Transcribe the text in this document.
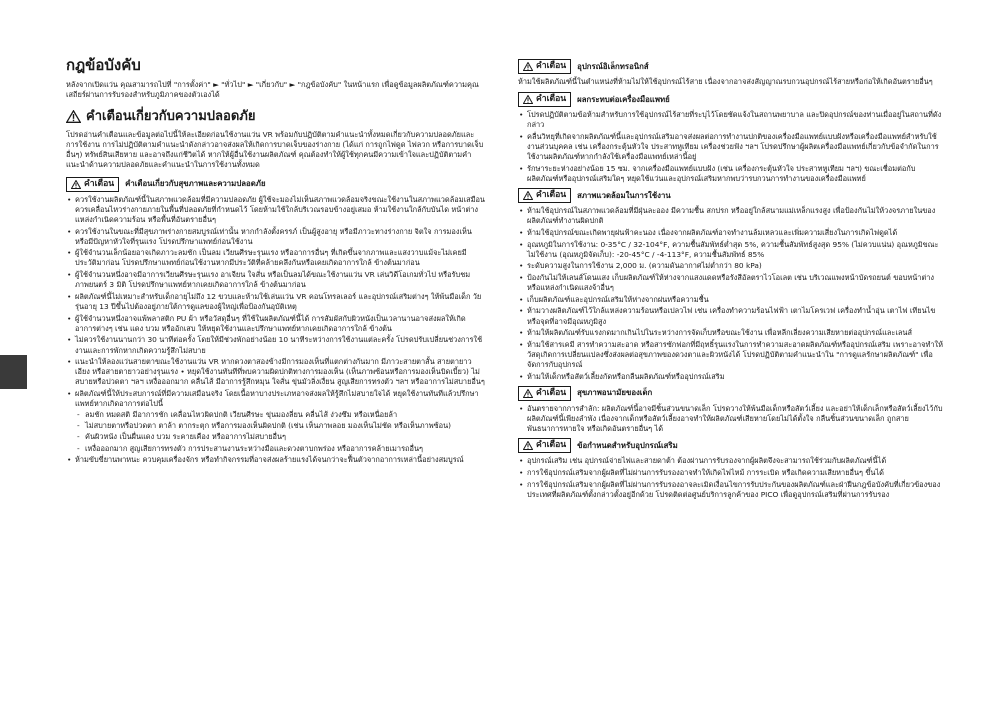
กฎข้อบังคับ

หลังจากเปิดแว่น คุณสามารถไปที่ "การตั้งค่า" ► "ทั่วไป" ► "เกี่ยวกับ" ► "กฎข้อบังคับ" ในหน้าแรก เพื่อดูข้อมูลผลิตภัณฑ์ความคุณเสถียร์ผ่านการรับรองสำหรับภูมิภาคของตัวเองได้

คำเตือนเกี่ยวกับความปลอดภัย

โปรดอ่านคำเตือนและข้อมูลต่อไปนี้ให้ละเอียดก่อนใช้งานแว่น VR พร้อมกับปฏิบัติตามคำแนะนำทั้งหมดเกี่ยวกับความปลอดภัยและการใช้งาน การไม่ปฏิบัติตามคำแนะนำดังกล่าวอาจส่งผลให้เกิดการบาดเจ็บของร่างกาย (ได้แก่ การถูกไฟดูด ไฟลวก หรือการบาดเจ็บอื่นๆ) ทรัพย์สินเสียหาย และอาจถึงแก่ชีวิตได้ หากให้ผู้อื่นใช้งานผลิตภัณฑ์ คุณต้องทำให้ผู้ใช้ทุกคนมีความเข้าใจและปฏิบัติตามคำแนะนำด้านความปลอดภัยและคำแนะนำในการใช้งานทั้งหมด

คำเตือน คำเตือนเกี่ยวกับสุขภาพและความปลอดภัย
• ควรใช้งานผลิตภัณฑ์นี้ในสภาพแวดล้อมที่มีความปลอดภัย ผู้ใช้จะมองไม่เห็นสภาพแวดล้อมจริงขณะใช้งานในสภาพแวดล้อมเสมือน ควรเคลื่อนไหวร่างกายภายในพื้นที่ปลอดภัยที่กำหนดไว้ โดยห้ามใช้ใกล้บริเวณรอบข้างอยู่เสมอ ห้ามใช้งานใกล้กับบันได หน้าต่าง แหล่งกำเนิดความร้อน หรือพื้นที่อันตรายอื่นๆ
• ควรใช้งานในขณะที่มีสุขภาพร่างกายสมบูรณ์เท่านั้น หากกำลังตั้งครรภ์ เป็นผู้สูงอายุ หรือมีภาวะทางร่างกาย จิตใจ การมองเห็น หรือมีปัญหาหัวใจที่รุนแรง โปรดปรึกษาแพทย์ก่อนใช้งาน
• ผู้ใช้จำนวนเล็กน้อยอาจเกิดภาวะลมชัก เป็นลม เวียนศีรษะรุนแรง หรืออาการอื่นๆ ที่เกิดขึ้นจากภาพและแสงวาบแม้จะไม่เคยมีประวัติมาก่อน โปรดปรึกษาแพทย์ก่อนใช้งานหากมีประวัติที่คล้ายคลึงกันหรือเคยเกิดอาการใกล้ ข้างต้นมาก่อน
• ผู้ใช้จำนวนหนึ่งอาจมีอาการเวียนศีรษะรุนแรง อาเจียน ใจสั่น หรือเป็นลมได้ขณะใช้งานแว่น VR เล่นวิดีโอเกมทั่วไป หรือรับชมภาพยนตร์ 3 มิติ โปรดปรึกษาแพทย์หากเคยเกิดอาการใกล้ ข้างต้นมาก่อน
• ผลิตภัณฑ์นี้ไม่เหมาะสำหรับเด็กอายุไม่ถึง 12 ขวบและห้ามใช้เล่นแว่น VR คอนโทรลเลอร์ และอุปกรณ์เสริมต่างๆ ให้พ้นมือเด็ก วัยรุ่นอายุ 13 ปีขึ้นไปต้องอยู่ภายใต้การดูแลของผู้ใหญ่เพื่อป้องกันอุบัติเหตุ
• ผู้ใช้จำนวนหนึ่งอาจแพ้พลาสติก PU ผ้า หรือวัสดุอื่นๆ ที่ใช้ในผลิตภัณฑ์นี้ได้ การสัมผัสกับผิวหนังเป็นเวลานานอาจส่งผลให้เกิดอาการต่างๆ เช่น แดง บวม หรืออักเสบ ให้หยุดใช้งานและปรึกษาแพทย์หากเคยเกิดอาการใกล้ ข้างต้น
• ไม่ควรใช้งานนานกว่า 30 นาทีต่อครั้ง โดยให้มีช่วงพักอย่างน้อย 10 นาทีระหว่างการใช้งานแต่ละครั้ง โปรดปรับเปลี่ยนช่วงการใช้งานและการพักหากเกิดความรู้สึกไม่สบาย
• แนะนำให้ลองแว่นสายตาขณะใช้งานแว่น VR หากดวงตาสองข้างมีการมองเห็นที่แตกต่างกันมาก มีภาวะสายตาสั้น สายตายาวเอียง หรือสายตายาวอย่างรุนแรง • หยุดใช้งานทันทีที่พบความผิดปกติทางการมองเห็น (เห็นภาพซ้อนหรือการมองเห็นบิดเบี้ยว) ไม่สบายหรือปวดตา ฯลฯ เหงื่อออกมาก คลื่นไส้ มีอาการรู้สึกหมุน ใจสั่น ขุ่นมัวลิ่งเงื่ยน สูญเสียการทรงตัว ฯลฯ หรืออาการไม่สบายอื่นๆ
• ผลิตภัณฑ์นี้ให้ประสบการณ์ที่มีความเสมือนจริง โดยเนื้อหาบางประเภทอาจส่งผลให้รู้สึกไม่สบายใจได้ หยุดใช้งานทันทีแล้วปรึกษาแพทย์หากเกิดอาการต่อไปนี้
- ลมชัก หมดสติ มีอาการชัก เคลื่อนไหวผิดปกติ เวียนศีรษะ ขุ่นมองลี่ยน คลื่นไส้ ง่วงซึม หรือเหนื่อยล้า
- ไม่สบายตาหรือปวดตา ตาล้า ตากระตุก หรือการมองเห็นผิดปกติ (เช่น เห็นภาพลอย มองเห็นไม่ชัด หรือเห็นภาพซ้อน)
- คันผิวหนัง เป็นผื่นแดง บวม ระคายเคือง หรืออาการไม่สบายอื่นๆ
- เหงื่อออกมาก สูญเสียการทรงตัว การประสานงานระหว่างมือและดวงตาบกพร่อง หรืออาการคล้ายเมารถอื่นๆ
• ห้ามขับขี่ยานพาหนะ ควบคุมเครื่องจักร หรือทำกิจกรรมที่อาจส่งผลร้ายแรงได้จนกว่าจะฟื้นตัวจากอาการเหล่านี้อย่างสมบูรณ์
คำเตือน อุปกรณ์อิเล็กทรอนิกส์

ห้ามใช้ผลิตภัณฑ์นี้ในตำแหน่งที่ห้ามไม่ให้ใช้อุปกรณ์ไร้สาย เนื่องจากอาจส่งสัญญาณรบกวนอุปกรณ์ไร้สายหรือก่อให้เกิดอันตรายอื่นๆ

คำเตือน ผลกระทบต่อเครื่องมือแพทย์
• โปรดปฏิบัติตามข้อห้ามสำหรับการใช้อุปกรณ์ไร้สายที่ระบุไว้โดยชัดแจ้งในสถานพยาบาล และปิดอุปกรณ์ของท่านเมื่ออยู่ในสถานที่ดังกล่าว
• คลื่นวิทยุที่เกิดจากผลิตภัณฑ์นี้และอุปกรณ์เสริมอาจส่งผลต่อการทำงานปกติของเครื่องมือแพทย์แบบฝังหรือเครื่องมือแพทย์สำหรับใช้งานส่วนบุคคล เช่น เครื่องกระตุ้นหัวใจ ประสาทหูเทียม เครื่องช่วยฟัง ฯลฯ โปรดปรึกษาผู้ผลิตเครื่องมือแพทย์เกี่ยวกับข้อจำกัดในการใช้งานผลิตภัณฑ์หากกำลังใช้เครื่องมือแพทย์เหล่านี้อยู่
• รักษาระยะห่างอย่างน้อย 15 ซม. จากเครื่องมือแพทย์แบบฝัง (เช่น เครื่องกระตุ้นหัวใจ ประสาทหูเทียม ฯลฯ) ขณะเชื่อมต่อกับผลิตภัณฑ์หรืออุปกรณ์เสริมใดๆ หยุดใช้แว่นและอุปกรณ์เสริมหากพบว่ารบกวนการทำงานของเครื่องมือแพทย์
คำเตือน สภาพแวดล้อมในการใช้งาน
• ห้ามใช้อุปกรณ์ในสภาพแวดล้อมที่มีฝุ่นละออง มีความชื้น สกปรก หรืออยู่ใกล้สนามแม่เหล็กแรงสูง เพื่อป้องกันไม่ให้วงจรภายในของผลิตภัณฑ์ทำงานผิดปกติ
• ห้ามใช้อุปกรณ์ขณะเกิดพายุฝนฟ้าคะนอง เนื่องจากผลิตภัณฑ์อาจทำงานล้มเหลวและเพิ่มความเสี่ยงในการเกิดไฟดูดได้
• อุณหภูมิในการใช้งาน: 0-35°C / 32-104°F, ความชื้นสัมพัทธ์ต่ำสุด 5%, ความชื้นสัมพัทธ์สูงสุด 95% (ไม่ควบแน่น) อุณหภูมิขณะไม่ใช้งาน (อุณหภูมิจัดเก็บ): -20-45°C / -4-113°F, ความชื้นสัมพัทธ์ 85%
• ระดับความสูงในการใช้งาน 2,000 ม. (ความดันอากาศไม่ต่ำกว่า 80 kPa)
• ป้องกันไม่ให้เลนส์โดนแสง เก็บผลิตภัณฑ์ให้ห่างจากแสงแดดหรือรังสีอัลตราไวโอเลต เช่น บริเวณแพงหน้าบัดรถยนต์ ขอบหน้าต่าง หรือแหล่งกำเนิดแสงจ้าอื่นๆ
• เก็บผลิตภัณฑ์และอุปกรณ์เสริมให้ห่างจากฝนหรือความชื้น
• ห้ามวางผลิตภัณฑ์ไว้ใกล้แหล่งความร้อนหรือเปลวไฟ เช่น เครื่องทำความร้อนไฟฟ้า เตาไมโครเวฟ เครื่องทำน้ำอุ่น เตาไฟ เทียนไข หรือจุดที่อาจมีอุณหภูมิสูง
• ห้ามให้ผลิตภัณฑ์รับแรงกดมากเกินไปในระหว่างการจัดเก็บหรือขณะใช้งาน เพื่อหลีกเลี่ยงความเสียหายต่ออุปกรณ์และเลนส์
• ห้ามใช้สารเคมี สารทำความสะอาด หรือสารซักฟอกที่มีฤทธิ์รุนแรงในการทำความสะอาดผลิตภัณฑ์หรืออุปกรณ์เสริม เพราะอาจทำให้วัสดุเกิดการเปลี่ยนแปลงซึ่งส่งผลต่อสุขภาพของดวงตาและผิวหนังได้ โปรดปฏิบัติตามคำแนะนำใน "การดูแลรักษาผลิตภัณฑ์" เพื่อจัดการกับอุปกรณ์
• ห้ามให้เด็กหรือสัตว์เลี้ยงกัดหรือกลืนผลิตภัณฑ์หรืออุปกรณ์เสริม
คำเตือน สุขภาพอนามัยของเด็ก
• อันตรายจากการสำลัก: ผลิตภัณฑ์นี้อาจมีชิ้นส่วนขนาดเล็ก โปรดวางให้พ้นมือเด็กหรือสัตว์เลี้ยง และอย่าให้เด็กเล็กหรือสัตว์เลี้ยงไว้กับผลิตภัณฑ์นี้เพียงลำพัง เนื่องจากเด็กหรือสัตว์เลี้ยงอาจทำให้ผลิตภัณฑ์เสียหายโดยไม่ได้ตั้งใจ กลืนชิ้นส่วนขนาดเล็ก ถูกสายพันธนาการหายใจ หรือเกิดอันตรายอื่นๆ ได้
คำเตือน ข้อกำหนดสำหรับอุปกรณ์เสริม
• อุปกรณ์เสริม เช่น อุปกรณ์จ่ายไฟและสายดาต้า ต้องผ่านการรับรองจากผู้ผลิตจึงจะสามารถใช้ร่วมกับผลิตภัณฑ์นี้ได้
• การใช้อุปกรณ์เสริมจากผู้ผลิตที่ไม่ผ่านการรับรองอาจทำให้เกิดไฟไหม้ การระเบิด หรือเกิดความเสียหายอื่นๆ ขึ้นได้
• การใช้อุปกรณ์เสริมจากผู้ผลิตที่ไม่ผ่านการรับรองอาจละเมิดเงื่อนไขการรับประกันของผลิตภัณฑ์และฝ่าฝืนกฎข้อบังคับที่เกี่ยวข้องของประเทศที่ผลิตภัณฑ์ตั้งกล่าวตั้งอยู่อีกด้วย โปรดติดต่อศูนย์บริการลูกค้าของ PICO เพื่อดูอุปกรณ์เสริมที่ผ่านการรับรอง
